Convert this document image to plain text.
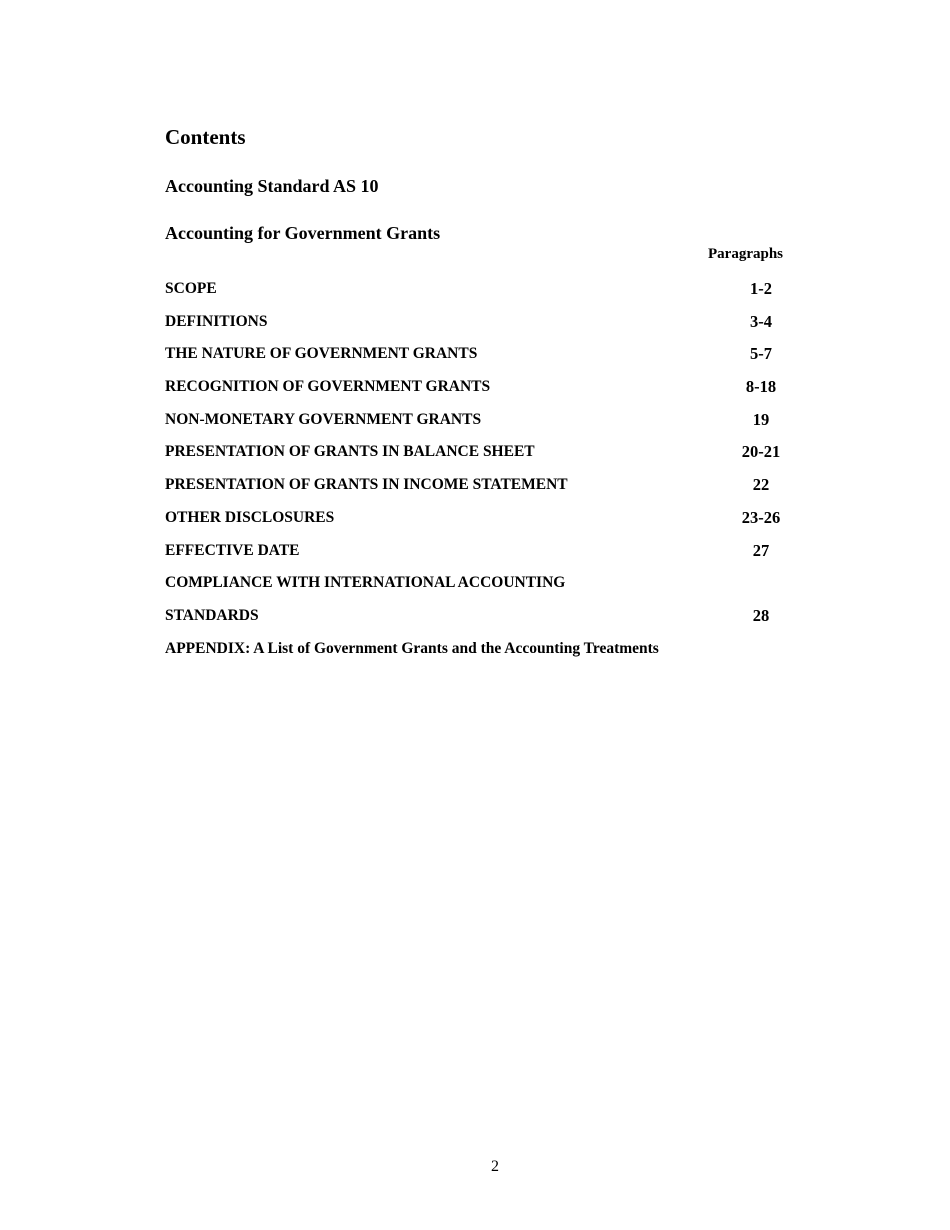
Contents
Accounting Standard AS 10
Accounting for Government Grants
Paragraphs
SCOPE	1-2
DEFINITIONS	3-4
THE NATURE OF GOVERNMENT GRANTS	5-7
RECOGNITION OF GOVERNMENT GRANTS	8-18
NON-MONETARY GOVERNMENT GRANTS	19
PRESENTATION OF GRANTS IN BALANCE SHEET	20-21
PRESENTATION OF GRANTS IN INCOME STATEMENT	22
OTHER DISCLOSURES	23-26
EFFECTIVE DATE	27
COMPLIANCE WITH INTERNATIONAL ACCOUNTING
STANDARDS	28
APPENDIX: A List of Government Grants and the Accounting Treatments
2
